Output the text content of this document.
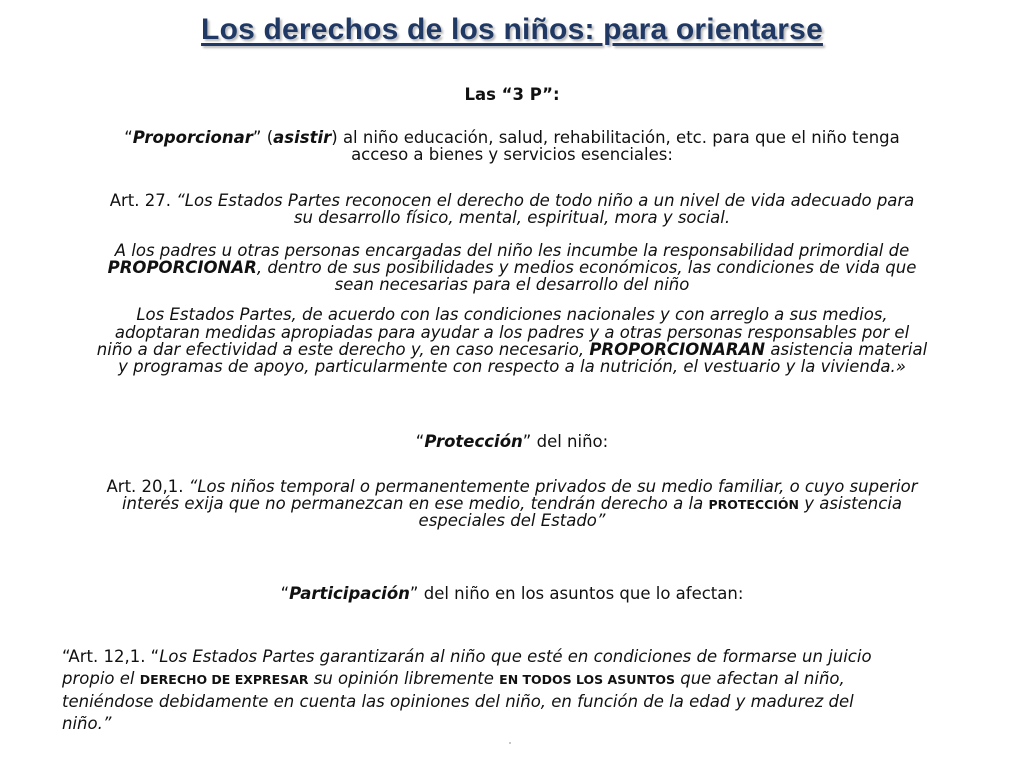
Los derechos de los niños: para orientarse
Las “3 P”:
“Proporcionar” (asistir) al niño educación, salud, rehabilitación, etc. para que el niño tenga
acceso a bienes y servicios esenciales:
Art. 27. “Los Estados Partes reconocen el derecho de todo niño a un nivel de vida adecuado para
su desarrollo físico, mental, espiritual, mora y social.
A los padres u otras personas encargadas del niño les incumbe la responsabilidad primordial de
PROPORCIONAR, dentro de sus posibilidades y medios económicos, las condiciones de vida que
sean necesarias para el desarrollo del niño
Los Estados Partes, de acuerdo con las condiciones nacionales y con arreglo a sus medios,
adoptaran medidas apropiadas para ayudar a los padres y a otras personas responsables por el
niño a dar efectividad a este derecho y, en caso necesario, PROPORCIONARAN asistencia material
y programas de apoyo, particularmente con respecto a la nutrición, el vestuario y la vivienda.»
“Protección” del niño:
Art. 20,1. “Los niños temporal o permanentemente privados de su medio familiar, o cuyo superior
interés exija que no permanezcan en ese medio, tendrán derecho a la PROTECCIÓN y asistencia
especiales del Estado”
“Participación” del niño en los asuntos que lo afectan:
“Art. 12,1. “Los Estados Partes garantizarán al niño que esté en condiciones de formarse un juicio
propio el DERECHO DE EXPRESAR su opinión libremente EN TODOS LOS ASUNTOS que afectan al niño,
teniéndose debidamente en cuenta las opiniones del niño, en función de la edad y madurez del
niño.”
